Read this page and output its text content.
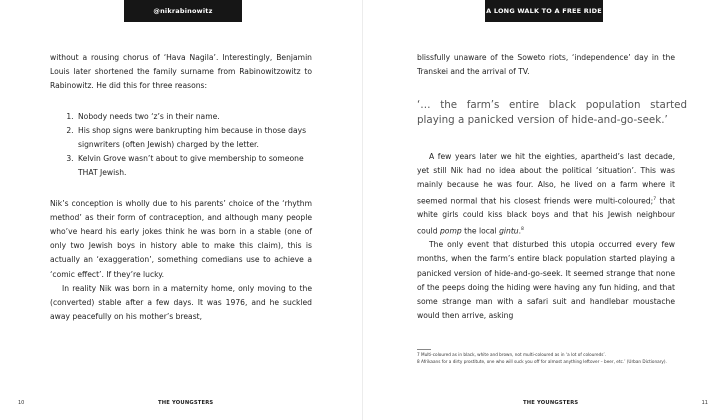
@nikrabinowitz

without a rousing chorus of ‘Hava Nagila’. Interestingly, Benjamin Louis later shortened the family surname from Rabinowitzowitz to Rabinowitz. He did this for three reasons:

1. Nobody needs two ‘z’s in their name.
2. His shop signs were bankrupting him because in those days signwriters (often Jewish) charged by the letter.
3. Kelvin Grove wasn’t about to give membership to someone THAT Jewish.

Nik’s conception is wholly due to his parents’ choice of the ‘rhythm method’ as their form of contraception, and although many people who’ve heard his early jokes think he was born in a stable (one of only two Jewish boys in history able to make this claim), this is actually an ‘exaggeration’, something comedians use to achieve a ‘comic effect’. If they’re lucky.

In reality Nik was born in a maternity home, only moving to the (converted) stable after a few days. It was 1976, and he suckled away peacefully on his mother’s breast,

10	THE YOUNGSTERS
A LONG WALK TO A FREE RIDE

blissfully unaware of the Soweto riots, ‘independence’ day in the Transkei and the arrival of TV.

‘… the farm’s entire black population started playing a panicked version of hide-and-go-seek.’

A few years later we hit the eighties, apartheid’s last decade, yet still Nik had no idea about the political ‘situation’. This was mainly because he was four. Also, he lived on a farm where it seemed normal that his closest friends were multi-coloured;$^7$ that white girls could kiss black boys and that his Jewish neighbour could pomp the local gintu.$^8$

The only event that disturbed this utopia occurred every few months, when the farm’s entire black population started playing a panicked version of hide-and-go-seek. It seemed strange that none of the peeps doing the hiding were having any fun hiding, and that some strange man with a safari suit and handlebar moustache would then arrive, asking

7 Multi-coloured as in black, white and brown, not multi-coloured as in ‘a lot of coloureds’.
8 Afrikaans for a dirty prostitute, one who will suck you off for almost anything leftover – beer, etc.’ (Urban Dictionary).
THE YOUNGSTERS	11
